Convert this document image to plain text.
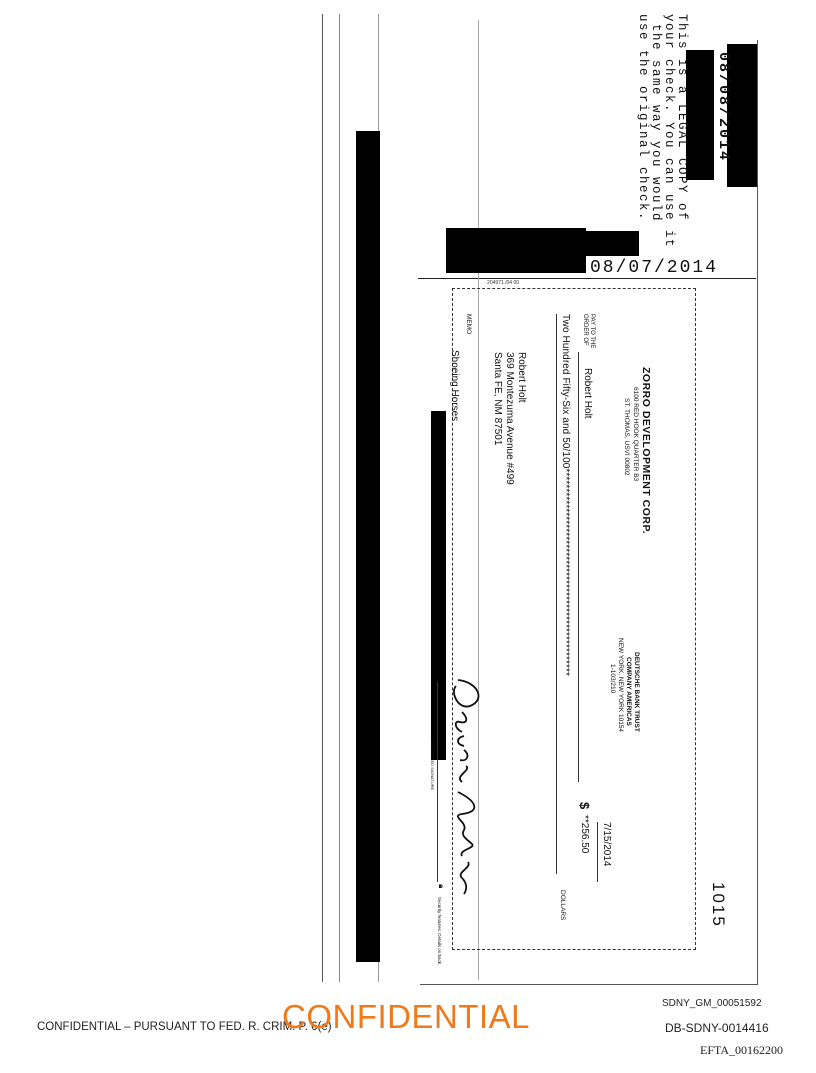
This is a LEGAL COPY of
your check. You can use it
the same way you would
use the original check.	08/08/2014
08/07/2014
· 204971 /04 00
1015
7/15/2014
ZORRO DEVELOPMENT CORP.
6100 RED HOOK QUARTER B3
ST. THOMAS, USVI 00802
DEUTSCHE BANK TRUST
COMPANY AMERICAS
NEW YORK, NEW YORK 10154
1-103/210
PAY TO THE
ORDER OF
Robert Holt
$
**256.50
Two Hundred Fifty-Six and 50/100****************************************************
DOLLARS
Robert Holt
369 Montezuma Avenue #499
Santa FE, NM 87501
MEMO
Shoeing Horses
AUTHORIZED SIGNATURE
Security features. Details on back.
🔒︎
CONFIDENTIAL – PURSUANT TO FED. R. CRIM. P. 6(e)
CONFIDENTIAL	SDNY_GM_00051592
DB-SDNY-0014416
EFTA_00162200
